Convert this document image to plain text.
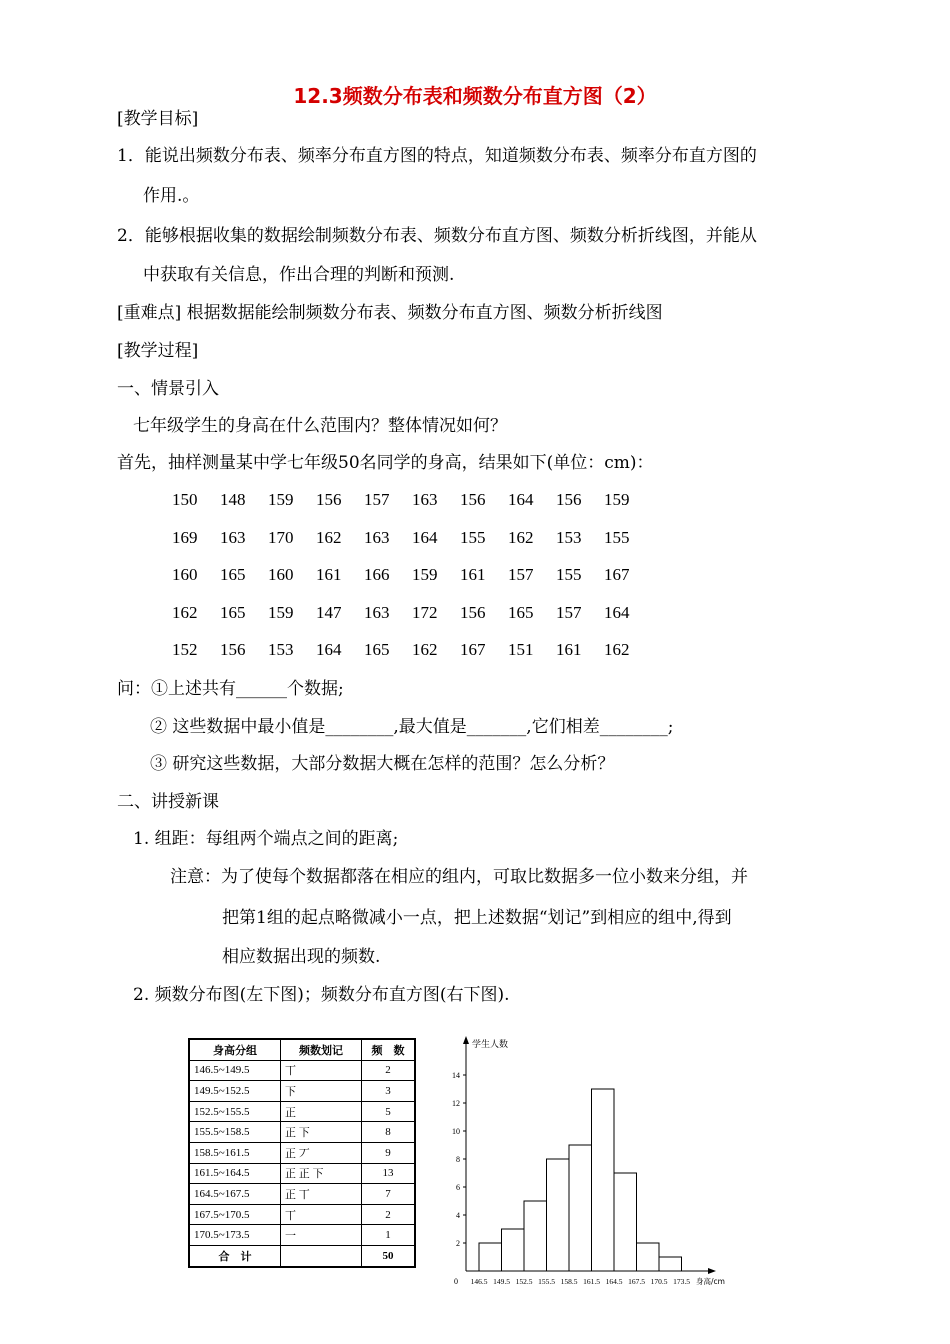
12.3频数分布表和频数分布直方图（2）
[教学目标]
1．能说出频数分布表、频率分布直方图的特点，知道频数分布表、频率分布直方图的
作用.。
2．能够根据收集的数据绘制频数分布表、频数分布直方图、频数分析折线图，并能从
中获取有关信息，作出合理的判断和预测.
[重难点] 根据数据能绘制频数分布表、频数分布直方图、频数分析折线图
[教学过程]
一、情景引入
七年级学生的身高在什么范围内？整体情况如何？
首先，抽样测量某中学七年级50名同学的身高，结果如下(单位：cm)：
150 148 159 156 157 163 156 164 156 159
169 163 170 162 163 164 155 162 153 155
160 165 160 161 166 159 161 157 155 167
162 165 159 147 163 172 156 165 157 164
152 156 153 164 165 162 167 151 161 162
问：①上述共有______个数据;
② 这些数据中最小值是________,最大值是_______,它们相差________;
③ 研究这些数据，大部分数据大概在怎样的范围？怎么分析？
二、讲授新课
1. 组距：每组两个端点之间的距离;
注意：为了使每个数据都落在相应的组内，可取比数据多一位小数来分组，并
把第1组的起点略微减小一点，把上述数据“划记”到相应的组中,得到
相应数据出现的频数.
2. 频数分布图(左下图)；频数分布直方图(右下图).
身高分组	频数划记	频　数
146.5~149.5	丅	2
149.5~152.5	下	3
152.5~155.5	正	5
155.5~158.5	正 下	8
158.5~161.5	正 丆	9
161.5~164.5	正 正 下	13
164.5~167.5	正 丅	7
167.5~170.5	丅	2
170.5~173.5	一	1
合　计		50
学生人数
0
2
4
6
8
10
12
14
146.5 149.5 152.5 155.5 158.5 161.5 164.5 167.5 170.5 173.5 身高/cm
